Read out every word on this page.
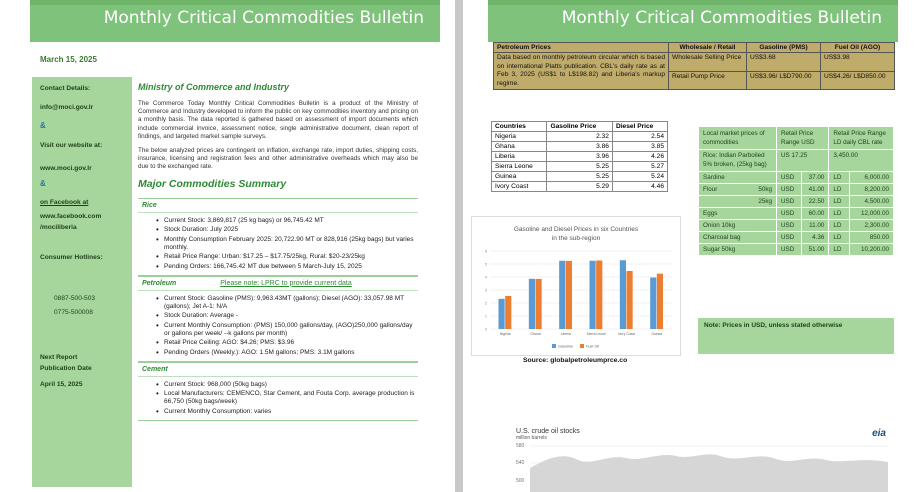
Monthly Critical Commodities Bulletin
March 15, 2025

Contact Details:

info@moci.gov.lr

&

Visit our website at:

www.moci.gov.lr

&

on Facebook at

www.facebook.com

/mociliberia

Consumer Hotlines:

0887-500-503

0775-500008

Next Report Publication Date

April 15, 2025

Ministry of Commerce and Industry
The Commerce Today Monthly Critical Commodities Bulletin is a product of the Ministry of Commerce and Industry developed to inform the public on key commodities inventory and pricing on a monthly basis. The data reported is gathered based on assessment of import documents which include commercial invoice, assessment notice, single administrative document, clean report of findings, and targeted market sample surveys.
The below analyzed prices are contingent on inflation, exchange rate, import duties, shipping costs, insurance, licensing and registration fees and other administrative overheads which may also be due to the exchanged rate.
Major Commodities Summary
Rice
• Current Stock: 3,869,817 (25 kg bags) or 96,745.42 MT
• Stock Duration: July 2025
• Monthly Consumption February 2025: 20,722.90 MT or 828,916 (25kg bags) but varies monthly.
• Retail Price Range: Urban: $17.25 – $17.75/25kg, Rural: $20-23/25kg
• Pending Orders: 166,745.42 MT due between 5 March-July 15, 2025
Petroleum	Please note: LPRC to provide current data
• Current Stock: Gasoline (PMS): 9,963.43MT (gallons); Diesel (AGO): 33,057.98 MT (gallons); Jet A-1: N/A
• Stock Duration: Average -
• Current Monthly Consumption: (PMS) 150,000 gallons/day, (AGO)250,000 gallons/day or gallons per week/ --k gallons per month)
• Retail Price Ceiling: AGO: $4.26; PMS: $3.96
• Pending Orders (Weekly.): AGO: 1.5M gallons; PMS: 3.1M gallons
Cement
• Current Stock: 968,000 (50kg bags)
• Local Manufacturers: CEMENCO, Star Cement, and Fouta Corp. average production is 66,750 (50kg bags/week)
• Current Monthly Consumption: varies
Monthly Critical Commodities Bulletin
Petroleum Prices	Wholesale / Retail	Gasoline (PMS)	Fuel Oil (AGO)
Data based on monthly petroleum circular which is based on international Platts publication. CBL's daily rate as at Feb 3, 2025 (US$1 to L$198.82) and Liberia's markup regime.	Wholesale Selling Price	US$3.68	US$3.98
	Retail Pump Price	US$3.96/ L$D790.00	US$4.26/ L$D850.00
Countries	Gasoline Price	Diesel Price
Nigeria	2.32	2.54
Ghana	3.86	3.85
Liberia	3.96	4.26
Sierra Leone	5.25	5.27
Guinea	5.25	5.24
Ivory Coast	5.29	4.46
Gasoline and Diesel Prices in six Countries
in the sub-region
0
1
2
3
4
5
6
Nigeria	Ghana	Liberia	Sierra Leone	Ivory Coast	Guinea
Gasoline	Fuel Oil
Source: globalpetroleumprce.co
Local market prices of commodities	Retail Price Range USD		Retail Price Range LD daily CBL rate	
Rice: Indian Parboiled 5% broken, (25kg bag)	US 17.25		3,450.00	
Sardine	USD	37.00	LD	6,000.00
Flour 50kg	USD	41.00	LD	8,200.00

25kg	USD	22.50	LD	4,500.00
Eggs	USD	60.00	LD	12,000.00
Onion 10kg	USD	11.00	LD	2,300.00
Charcoal bag	USD	4.36	LD	850.00
Sugar 50kg	USD	51.00	LD	10,200.00
Note: Prices in USD, unless stated otherwise
U.S. crude oil stocks
million barrels	eia
580
540
500
